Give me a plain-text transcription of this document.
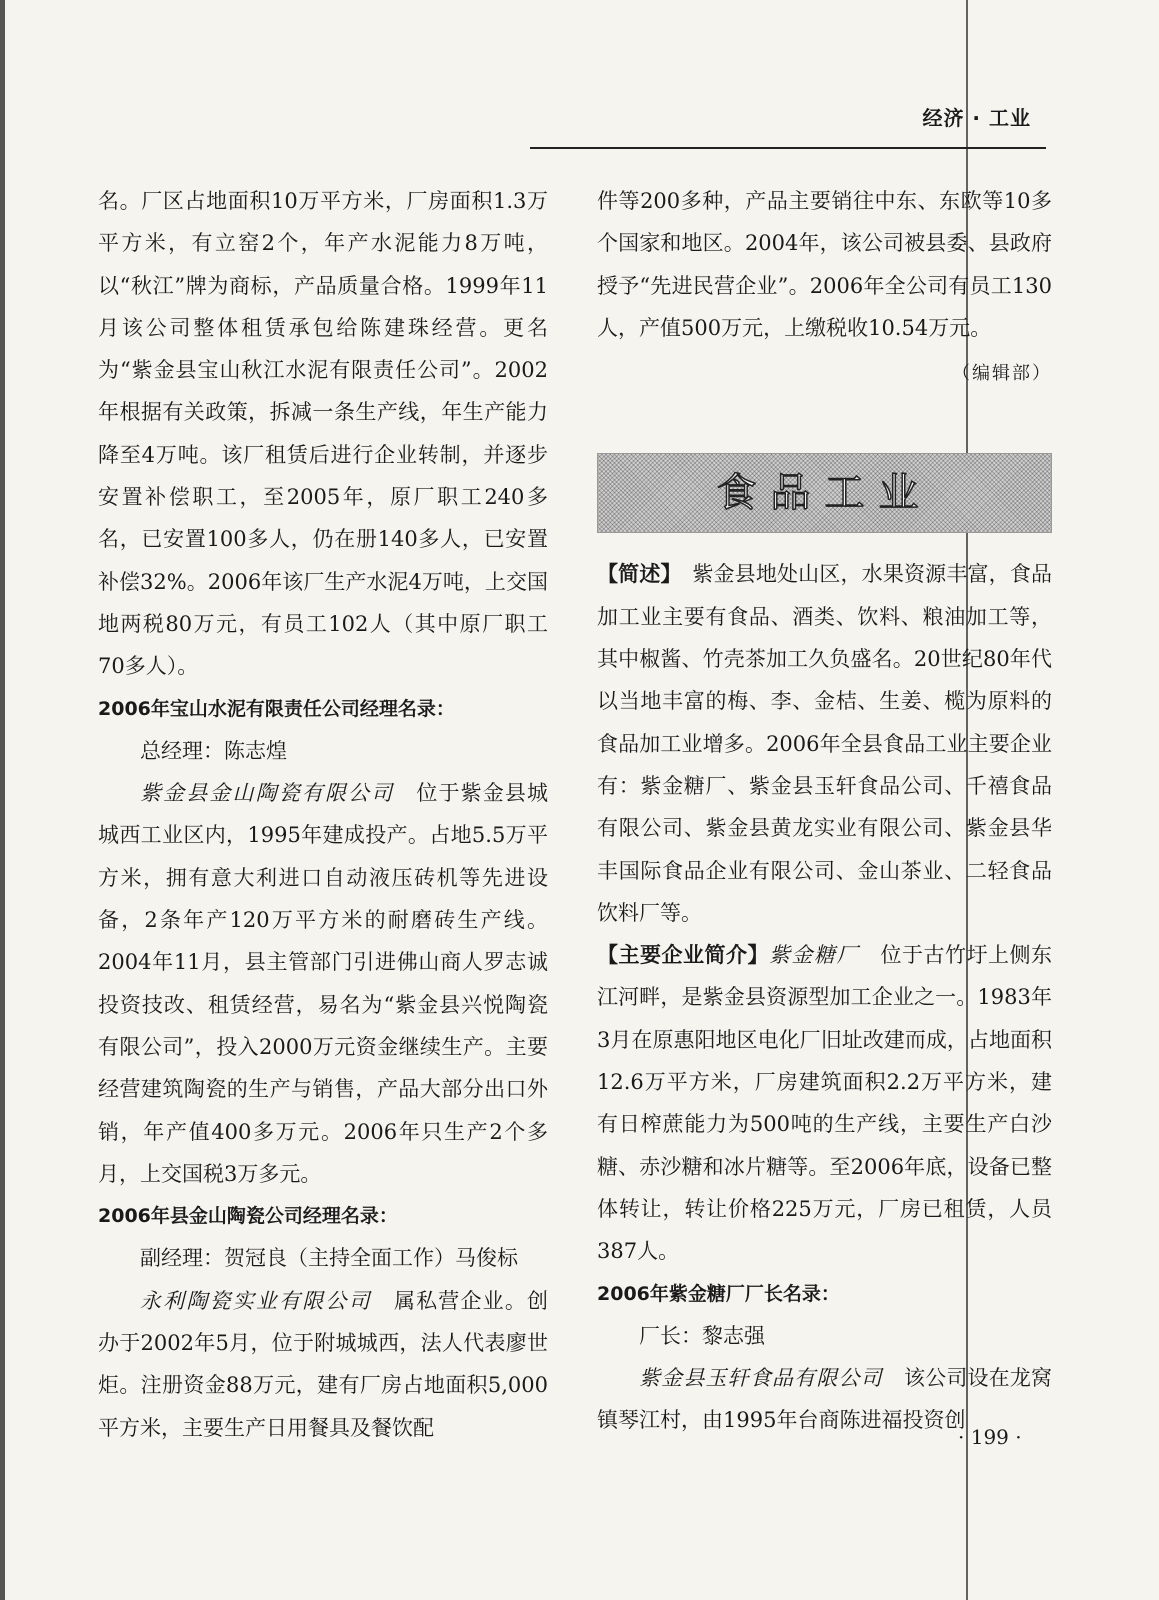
经济 · 工业

名。厂区占地面积10万平方米，厂房面积1.3万平方米，有立窑2个，年产水泥能力8万吨，以“秋江”牌为商标，产品质量合格。1999年11月该公司整体租赁承包给陈建珠经营。更名为“紫金县宝山秋江水泥有限责任公司”。2002年根据有关政策，拆减一条生产线，年生产能力降至4万吨。该厂租赁后进行企业转制，并逐步安置补偿职工，至2005年，原厂职工240多名，已安置100多人，仍在册140多人，已安置补偿32%。2006年该厂生产水泥4万吨，上交国地两税80万元，有员工102人（其中原厂职工70多人）。

2006年宝山水泥有限责任公司经理名录：

总经理：陈志煌

紫金县金山陶瓷有限公司　位于紫金县城城西工业区内，1995年建成投产。占地5.5万平方米，拥有意大利进口自动液压砖机等先进设备，2条年产120万平方米的耐磨砖生产线。2004年11月，县主管部门引进佛山商人罗志诚投资技改、租赁经营，易名为“紫金县兴悦陶瓷有限公司”，投入2000万元资金继续生产。主要经营建筑陶瓷的生产与销售，产品大部分出口外销，年产值400多万元。2006年只生产2个多月，上交国税3万多元。

2006年县金山陶瓷公司经理名录：

副经理：贺冠良（主持全面工作）马俊标

永利陶瓷实业有限公司　属私营企业。创办于2002年5月，位于附城城西，法人代表廖世炬。注册资金88万元，建有厂房占地面积5,000平方米，主要生产日用餐具及餐饮配

件等200多种，产品主要销往中东、东欧等10多个国家和地区。2004年，该公司被县委、县政府授予“先进民营企业”。2006年全公司有员工130人，产值500万元，上缴税收10.54万元。

（编辑部）

食品工业

【简述】　紫金县地处山区，水果资源丰富，食品加工业主要有食品、酒类、饮料、粮油加工等，其中椒酱、竹壳茶加工久负盛名。20世纪80年代以当地丰富的梅、李、金桔、生姜、榄为原料的食品加工业增多。2006年全县食品工业主要企业有：紫金糖厂、紫金县玉轩食品公司、千禧食品有限公司、紫金县黄龙实业有限公司、紫金县华丰国际食品企业有限公司、金山茶业、二轻食品饮料厂等。

【主要企业简介】紫金糖厂　位于古竹圩上侧东江河畔，是紫金县资源型加工企业之一。1983年3月在原惠阳地区电化厂旧址改建而成，占地面积12.6万平方米，厂房建筑面积2.2万平方米，建有日榨蔗能力为500吨的生产线，主要生产白沙糖、赤沙糖和冰片糖等。至2006年底，设备已整体转让，转让价格225万元，厂房已租赁，人员387人。

2006年紫金糖厂厂长名录：

厂长：黎志强

紫金县玉轩食品有限公司　该公司设在龙窝镇琴江村，由1995年台商陈进福投资创

· 199 ·
